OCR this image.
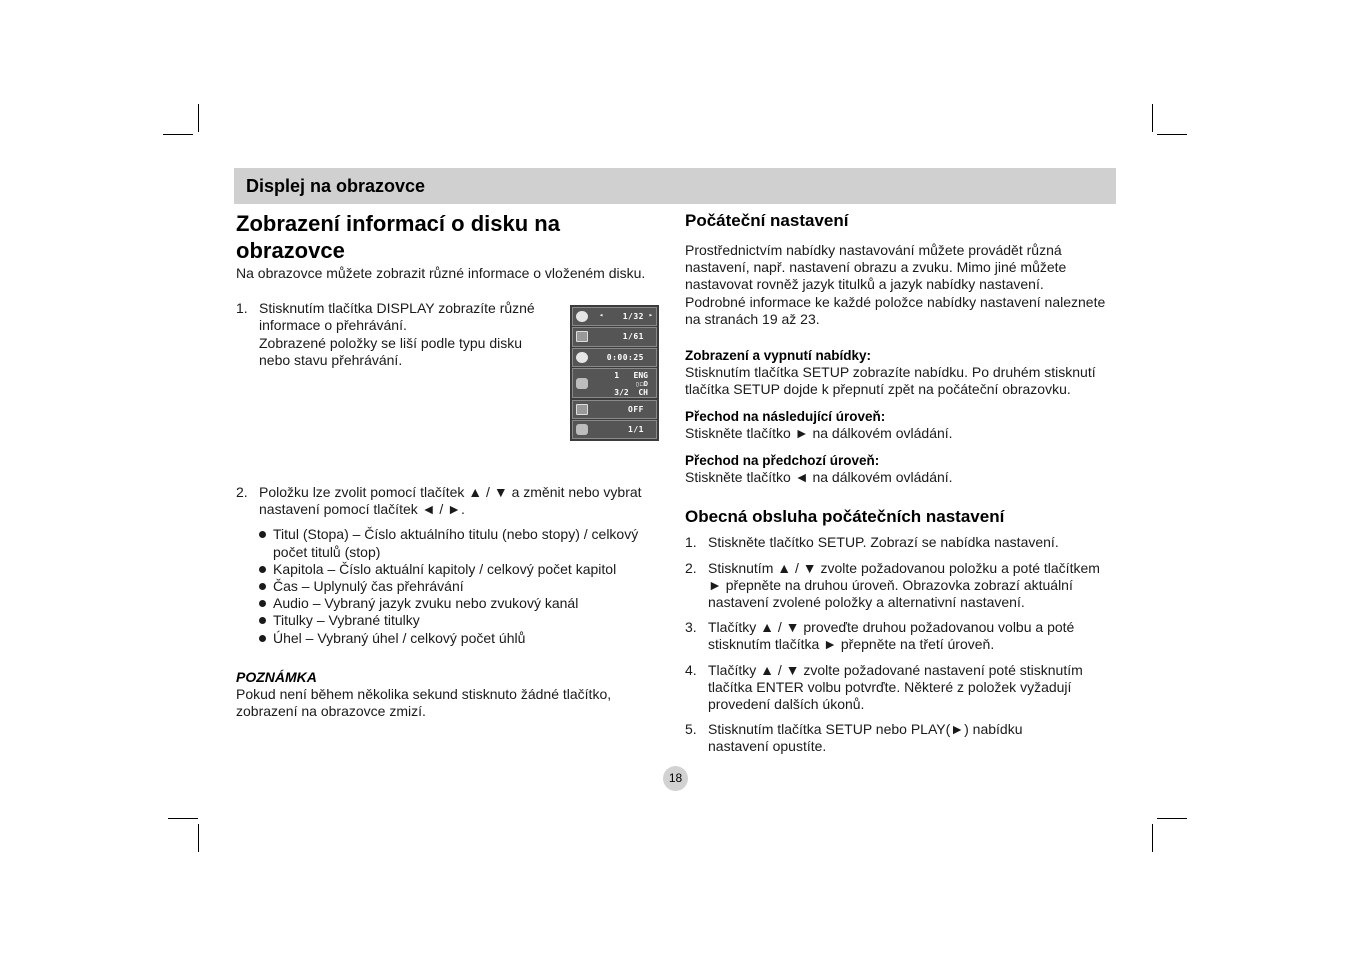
Displej na obrazovce
Zobrazení informací o disku na obrazovce

Na obrazovce můžete zobrazit různé informace o vloženém disku.

1. Stisknutím tlačítka DISPLAY zobrazíte různé
informace o přehrávání.
Zobrazené položky se liší podle typu disku
nebo stavu přehrávání.
2. Položku lze zvolit pomocí tlačítek ▲ / ▼ a změnit nebo vybrat
nastavení pomocí tlačítek ◄ / ►.
Titul (Stopa) – Číslo aktuálního titulu (nebo stopy) / celkový
počet titulů (stop)
Kapitola – Číslo aktuální kapitoly / celkový počet kapitol
Čas – Uplynulý čas přehrávání
Audio – Vybraný jazyk zvuku nebo zvukový kanál
Titulky – Vybrané titulky
Úhel – Vybraný úhel / celkový počet úhlů
POZNÁMKA
Pokud není během několika sekund stisknuto žádné tlačítko,
zobrazení na obrazovce zmizí.
◂ 1/32 ▸
1/61
0:00:25
1   ENG
▯◻D
3/2  CH
OFF
1/1
Počáteční nastavení
Prostřednictvím nabídky nastavování můžete provádět různá
nastavení, např. nastavení obrazu a zvuku. Mimo jiné můžete
nastavovat rovněž jazyk titulků a jazyk nabídky nastavení.
Podrobné informace ke každé položce nabídky nastavení naleznete
na stranách 19 až 23.
Zobrazení a vypnutí nabídky:
Stisknutím tlačítka SETUP zobrazíte nabídku. Po druhém stisknutí
tlačítka SETUP dojde k přepnutí zpět na počáteční obrazovku.
Přechod na následující úroveň:
Stiskněte tlačítko ► na dálkovém ovládání.
Přechod na předchozí úroveň:
Stiskněte tlačítko ◄ na dálkovém ovládání.
Obecná obsluha počátečních nastavení
1. Stiskněte tlačítko SETUP. Zobrazí se nabídka nastavení.
2. Stisknutím ▲ / ▼ zvolte požadovanou položku a poté tlačítkem
► přepněte na druhou úroveň. Obrazovka zobrazí aktuální
nastavení zvolené položky a alternativní nastavení.
3. Tlačítky ▲ / ▼ proveďte druhou požadovanou volbu a poté
stisknutím tlačítka ► přepněte na třetí úroveň.
4. Tlačítky ▲ / ▼ zvolte požadované nastavení poté stisknutím
tlačítka ENTER volbu potvrďte. Některé z položek vyžadují
provedení dalších úkonů.
5. Stisknutím tlačítka SETUP nebo PLAY(►) nabídku
nastavení opustíte.
18
